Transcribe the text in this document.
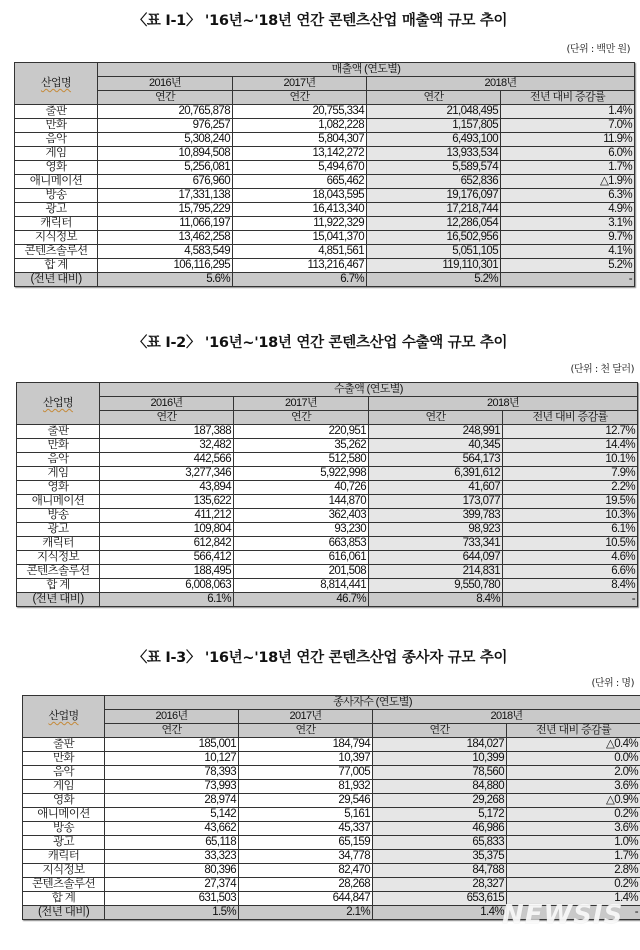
〈표 Ⅰ-1〉 '16년~'18년 연간 콘텐츠산업 매출액 규모 추이
(단위 : 백만 원)
산업명	매출액 (연도별)			
	2016년	2017년	2018년	
	연간	연간	연간	전년 대비 증감률
출판	20,765,878	20,755,334	21,048,495	1.4%
만화	976,257	1,082,228	1,157,805	7.0%
음악	5,308,240	5,804,307	6,493,100	11.9%
게임	10,894,508	13,142,272	13,933,534	6.0%
영화	5,256,081	5,494,670	5,589,574	1.7%
애니메이션	676,960	665,462	652,836	△1.9%
방송	17,331,138	18,043,595	19,176,097	6.3%
광고	15,795,229	16,413,340	17,218,744	4.9%
캐릭터	11,066,197	11,922,329	12,286,054	3.1%
지식정보	13,462,258	15,041,370	16,502,956	9.7%
콘텐츠솔루션	4,583,549	4,851,561	5,051,105	4.1%
합 계	106,116,295	113,216,467	119,110,301	5.2%
(전년 대비)	5.6%	6.7%	5.2%	-
〈표 Ⅰ-2〉 '16년~'18년 연간 콘텐츠산업 수출액 규모 추이
(단위 : 천 달러)
산업명	수출액 (연도별)			
	2016년	2017년	2018년	
	연간	연간	연간	전년 대비 증감률
출판	187,388	220,951	248,991	12.7%
만화	32,482	35,262	40,345	14.4%
음악	442,566	512,580	564,173	10.1%
게임	3,277,346	5,922,998	6,391,612	7.9%
영화	43,894	40,726	41,607	2.2%
애니메이션	135,622	144,870	173,077	19.5%
방송	411,212	362,403	399,783	10.3%
광고	109,804	93,230	98,923	6.1%
캐릭터	612,842	663,853	733,341	10.5%
지식정보	566,412	616,061	644,097	4.6%
콘텐츠솔루션	188,495	201,508	214,831	6.6%
합 계	6,008,063	8,814,441	9,550,780	8.4%
(전년 대비)	6.1%	46.7%	8.4%	-
〈표 Ⅰ-3〉 '16년~'18년 연간 콘텐츠산업 종사자 규모 추이
(단위 : 명)
산업명	종사자수 (연도별)			
	2016년	2017년	2018년	
	연간	연간	연간	전년 대비 증감률
출판	185,001	184,794	184,027	△0.4%
만화	10,127	10,397	10,399	0.0%
음악	78,393	77,005	78,560	2.0%
게임	73,993	81,932	84,880	3.6%
영화	28,974	29,546	29,268	△0.9%
애니메이션	5,142	5,161	5,172	0.2%
방송	43,662	45,337	46,986	3.6%
광고	65,118	65,159	65,833	1.0%
캐릭터	33,323	34,778	35,375	1.7%
지식정보	80,396	82,470	84,788	2.8%
콘텐츠솔루션	27,374	28,268	28,327	0.2%
합 계	631,503	644,847	653,615	1.4%
(전년 대비)	1.5%	2.1%	1.4%	-
NEWSIS
